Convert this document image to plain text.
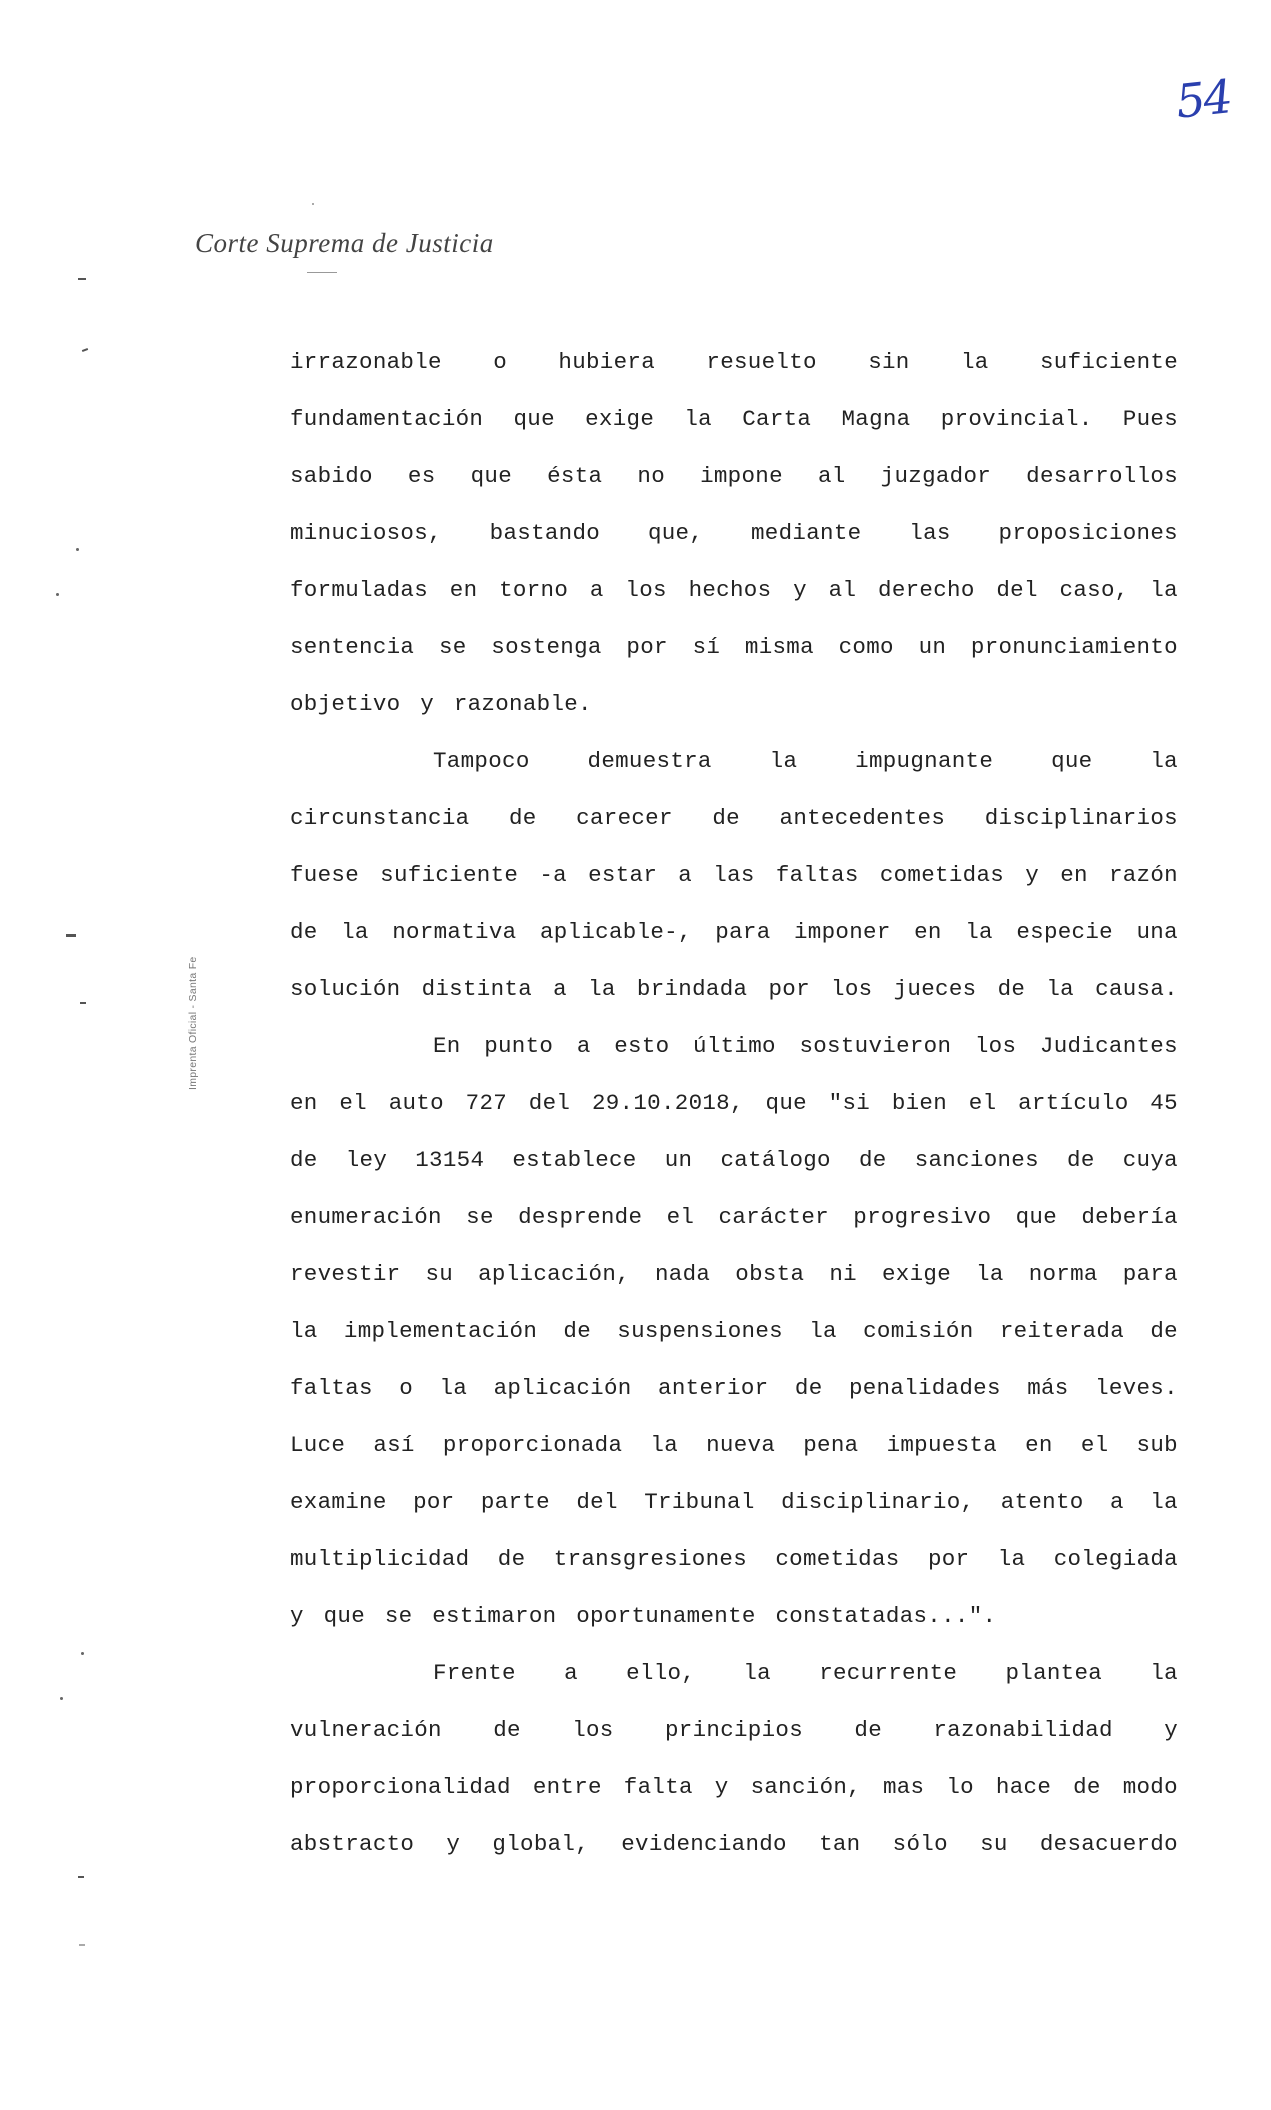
54
Corte Suprema de Justicia
Imprenta Oficial - Santa Fe
irrazonable o hubiera resuelto sin la suficiente
fundamentación que exige la Carta Magna provincial. Pues
sabido es que ésta no impone al juzgador desarrollos
minuciosos, bastando que, mediante las proposiciones
formuladas en torno a los hechos y al derecho del caso, la
sentencia se sostenga por sí misma como un pronunciamiento
objetivo y razonable.
Tampoco	demuestra	la	impugnante	que	la
circunstancia de carecer de antecedentes disciplinarios
fuese suficiente -a estar a las faltas cometidas y en razón
de la normativa aplicable-, para imponer en la especie una
solución distinta a la brindada por los jueces de la causa.
En punto a esto último sostuvieron los Judicantes
en el auto 727 del 29.10.2018, que "si bien el artículo 45
de ley 13154 establece un catálogo de sanciones de cuya
enumeración se desprende el carácter progresivo que debería
revestir su aplicación, nada obsta ni exige la norma para
la implementación de suspensiones la comisión reiterada de
faltas o la aplicación anterior de penalidades más leves.
Luce así proporcionada la nueva pena impuesta en el sub
examine por parte del Tribunal disciplinario, atento a la
multiplicidad de transgresiones cometidas por la colegiada
y que se estimaron oportunamente constatadas...".
Frente a ello, la recurrente plantea la
vulneración de los principios de razonabilidad y
proporcionalidad entre falta y sanción, mas lo hace de modo
abstracto y global, evidenciando tan sólo su desacuerdo
